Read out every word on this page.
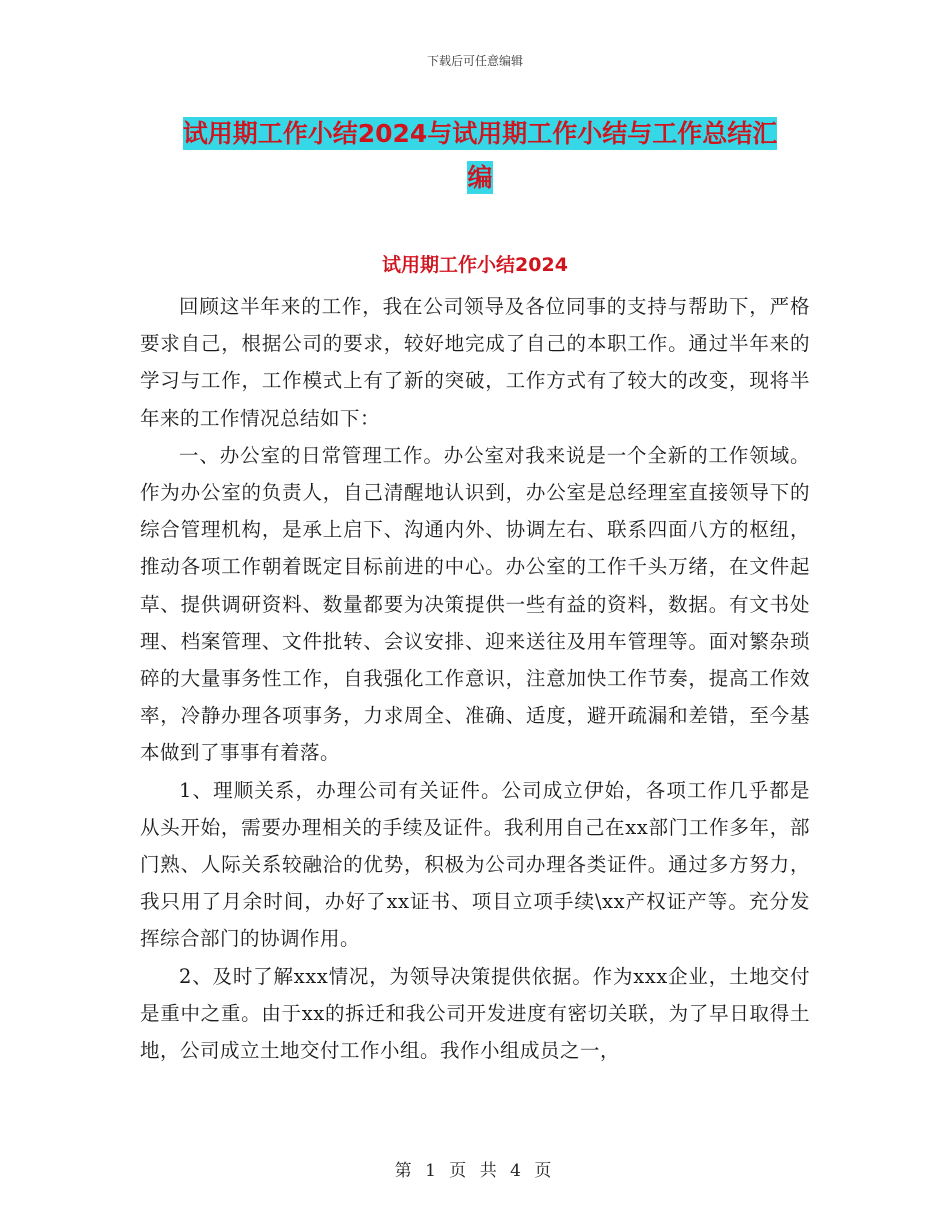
下载后可任意编辑
试用期工作小结2024与试用期工作小结与工作总结汇
编
试用期工作小结2024

回顾这半年来的工作，我在公司领导及各位同事的支持与帮助下，严格要求自己，根据公司的要求，较好地完成了自己的本职工作。通过半年来的学习与工作，工作模式上有了新的突破，工作方式有了较大的改变，现将半年来的工作情况总结如下：

一、办公室的日常管理工作。办公室对我来说是一个全新的工作领域。作为办公室的负责人，自己清醒地认识到，办公室是总经理室直接领导下的综合管理机构，是承上启下、沟通内外、协调左右、联系四面八方的枢纽，推动各项工作朝着既定目标前进的中心。办公室的工作千头万绪，在文件起草、提供调研资料、数量都要为决策提供一些有益的资料，数据。有文书处理、档案管理、文件批转、会议安排、迎来送往及用车管理等。面对繁杂琐碎的大量事务性工作，自我强化工作意识，注意加快工作节奏，提高工作效率，冷静办理各项事务，力求周全、准确、适度，避开疏漏和差错，至今基本做到了事事有着落。

1、理顺关系，办理公司有关证件。公司成立伊始，各项工作几乎都是从头开始，需要办理相关的手续及证件。我利用自己在xx部门工作多年，部门熟、人际关系较融洽的优势，积极为公司办理各类证件。通过多方努力，我只用了月余时间，办好了xx证书、项目立项手续\xx产权证产等。充分发挥综合部门的协调作用。

2、及时了解xxx情况，为领导决策提供依据。作为xxx企业，土地交付是重中之重。由于xx的拆迁和我公司开发进度有密切关联，为了早日取得土地，公司成立土地交付工作小组。我作小组成员之一，

第 1 页 共 4 页
